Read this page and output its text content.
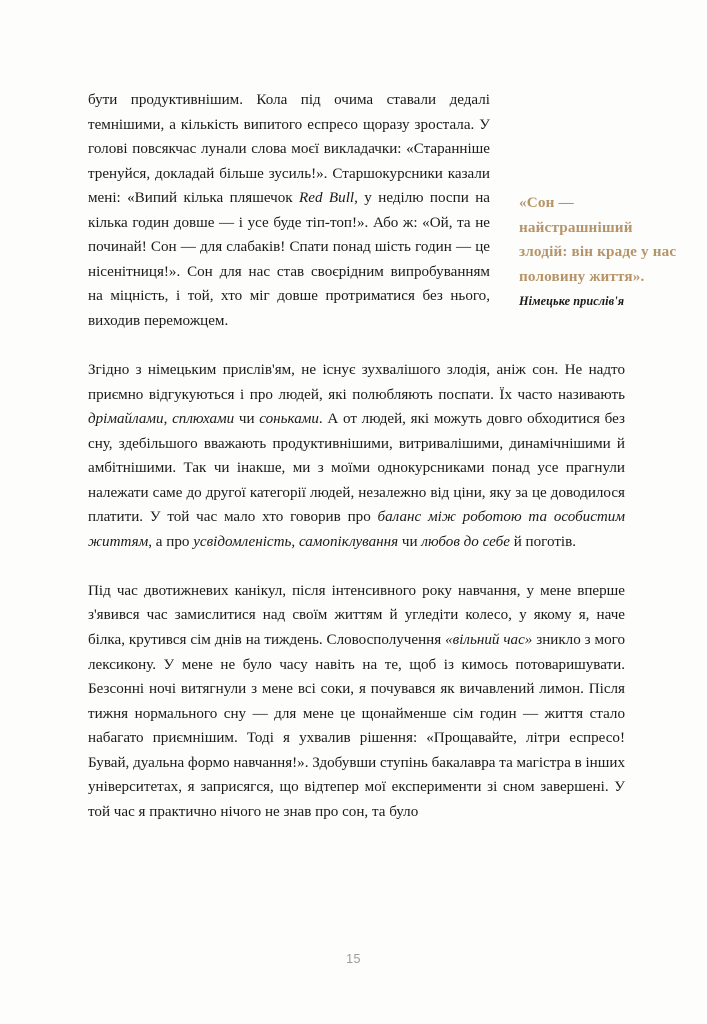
бути продуктивнішим. Кола під очима ставали дедалі темнішими, а кількість випитого еспресо щоразу зростала. У голові повсякчас лунали слова моєї викладачки: «Старанніше тренуйся, докладай більше зусиль!». Старшокурсники казали мені: «Випий кілька пляшечок Red Bull, у неділю поспи на кілька годин довше — і усе буде тіп-топ!». Або ж: «Ой, та не починай! Сон — для слабаків! Спати понад шість годин — це нісенітниця!». Сон для нас став своєрідним випробуванням на міцність, і той, хто міг довше протриматися без нього, виходив переможцем.

Згідно з німецьким прислів'ям, не існує зухвалішого злодія, аніж сон. Не надто приємно відгукуються і про людей, які полюбляють поспати. Їх часто називають дрімайлами, сплюхами чи соньками. А от людей, які можуть довго обходитися без сну, здебільшого вважають продуктивнішими, витривалішими, динамічнішими й амбітнішими. Так чи інакше, ми з моїми однокурсниками понад усе прагнули належати саме до другої категорії людей, незалежно від ціни, яку за це доводилося платити. У той час мало хто говорив про баланс між роботою та особистим життям, а про усвідомленість, самопіклування чи любов до себе й поготів.

Під час двотижневих канікул, після інтенсивного року навчання, у мене вперше з'явився час замислитися над своїм життям й угледіти колесо, у якому я, наче білка, крутився сім днів на тиждень. Словосполучення «вільний час» зникло з мого лексикону. У мене не було часу навіть на те, щоб із кимось потоваришувати. Безсонні ночі витягнули з мене всі соки, я почувався як вичавлений лимон. Після тижня нормального сну — для мене це щонайменше сім годин — життя стало набагато приємнішим. Тоді я ухвалив рішення: «Прощавайте, літри еспресо! Бувай, дуальна формо навчання!». Здобувши ступінь бакалавра та магістра в інших університетах, я заприсягся, що відтепер мої експерименти зі сном завершені. У той час я практично нічого не знав про сон, та було

«Сон — найстрашніший злодій: він краде у нас половину життя».

Німецьке прислів'я

15
